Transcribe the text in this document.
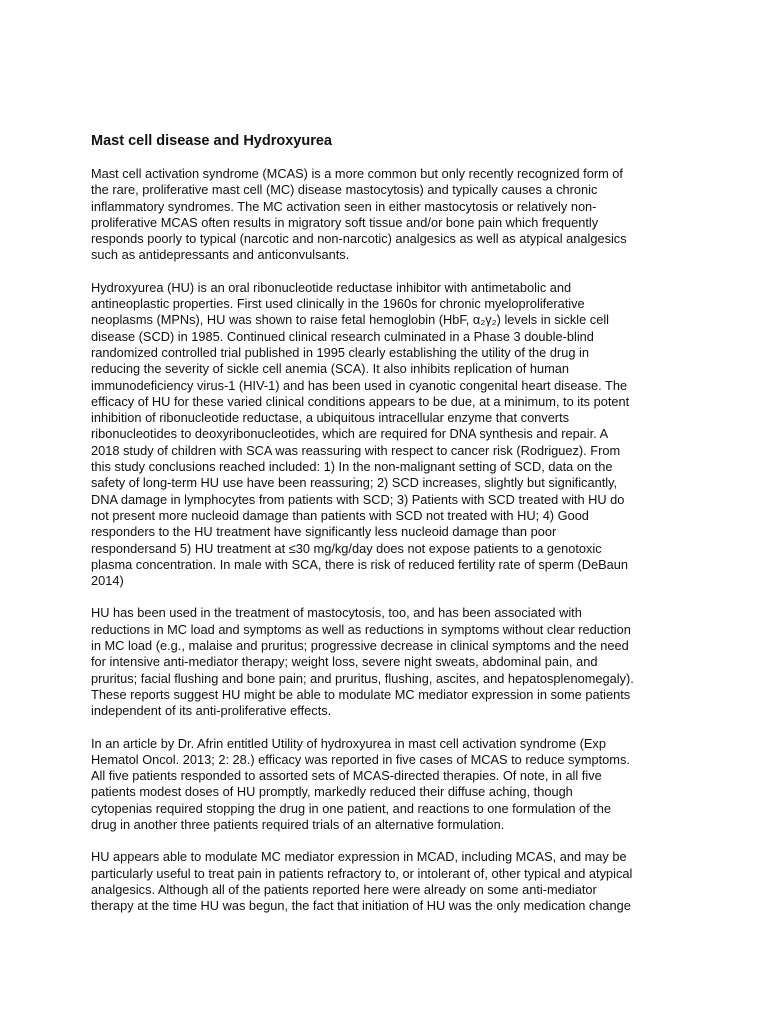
Mast cell disease and Hydroxyurea
Mast cell activation syndrome (MCAS) is a more common but only recently recognized form of
the rare, proliferative mast cell (MC) disease mastocytosis) and typically causes a chronic
inflammatory syndromes. The MC activation seen in either mastocytosis or relatively non-
proliferative MCAS often results in migratory soft tissue and/or bone pain which frequently
responds poorly to typical (narcotic and non-narcotic) analgesics as well as atypical analgesics
such as antidepressants and anticonvulsants.
Hydroxyurea (HU) is an oral ribonucleotide reductase inhibitor with antimetabolic and
antineoplastic properties. First used clinically in the 1960s for chronic myeloproliferative
neoplasms (MPNs), HU was shown to raise fetal hemoglobin (HbF, α₂γ₂) levels in sickle cell
disease (SCD) in 1985. Continued clinical research culminated in a Phase 3 double-blind
randomized controlled trial published in 1995 clearly establishing the utility of the drug in
reducing the severity of sickle cell anemia (SCA). It also inhibits replication of human
immunodeficiency virus-1 (HIV-1) and has been used in cyanotic congenital heart disease. The
efficacy of HU for these varied clinical conditions appears to be due, at a minimum, to its potent
inhibition of ribonucleotide reductase, a ubiquitous intracellular enzyme that converts
ribonucleotides to deoxyribonucleotides, which are required for DNA synthesis and repair. A
2018 study of children with SCA was reassuring with respect to cancer risk (Rodriguez). From
this study conclusions reached included: 1) In the non-malignant setting of SCD, data on the
safety of long-term HU use have been reassuring; 2) SCD increases, slightly but significantly,
DNA damage in lymphocytes from patients with SCD; 3) Patients with SCD treated with HU do
not present more nucleoid damage than patients with SCD not treated with HU; 4) Good
responders to the HU treatment have significantly less nucleoid damage than poor
respondersand 5) HU treatment at ≤30 mg/kg/day does not expose patients to a genotoxic
plasma concentration. In male with SCA, there is risk of reduced fertility rate of sperm (DeBaun
2014)
HU has been used in the treatment of mastocytosis, too, and has been associated with
reductions in MC load and symptoms as well as reductions in symptoms without clear reduction
in MC load (e.g., malaise and pruritus; progressive decrease in clinical symptoms and the need
for intensive anti-mediator therapy; weight loss, severe night sweats, abdominal pain, and
pruritus; facial flushing and bone pain; and pruritus, flushing, ascites, and hepatosplenomegaly).
These reports suggest HU might be able to modulate MC mediator expression in some patients
independent of its anti-proliferative effects.
In an article by Dr. Afrin entitled Utility of hydroxyurea in mast cell activation syndrome (Exp
Hematol Oncol. 2013; 2: 28.) efficacy was reported in five cases of MCAS to reduce symptoms.
All five patients responded to assorted sets of MCAS-directed therapies. Of note, in all five
patients modest doses of HU promptly, markedly reduced their diffuse aching, though
cytopenias required stopping the drug in one patient, and reactions to one formulation of the
drug in another three patients required trials of an alternative formulation.
HU appears able to modulate MC mediator expression in MCAD, including MCAS, and may be
particularly useful to treat pain in patients refractory to, or intolerant of, other typical and atypical
analgesics. Although all of the patients reported here were already on some anti-mediator
therapy at the time HU was begun, the fact that initiation of HU was the only medication change
